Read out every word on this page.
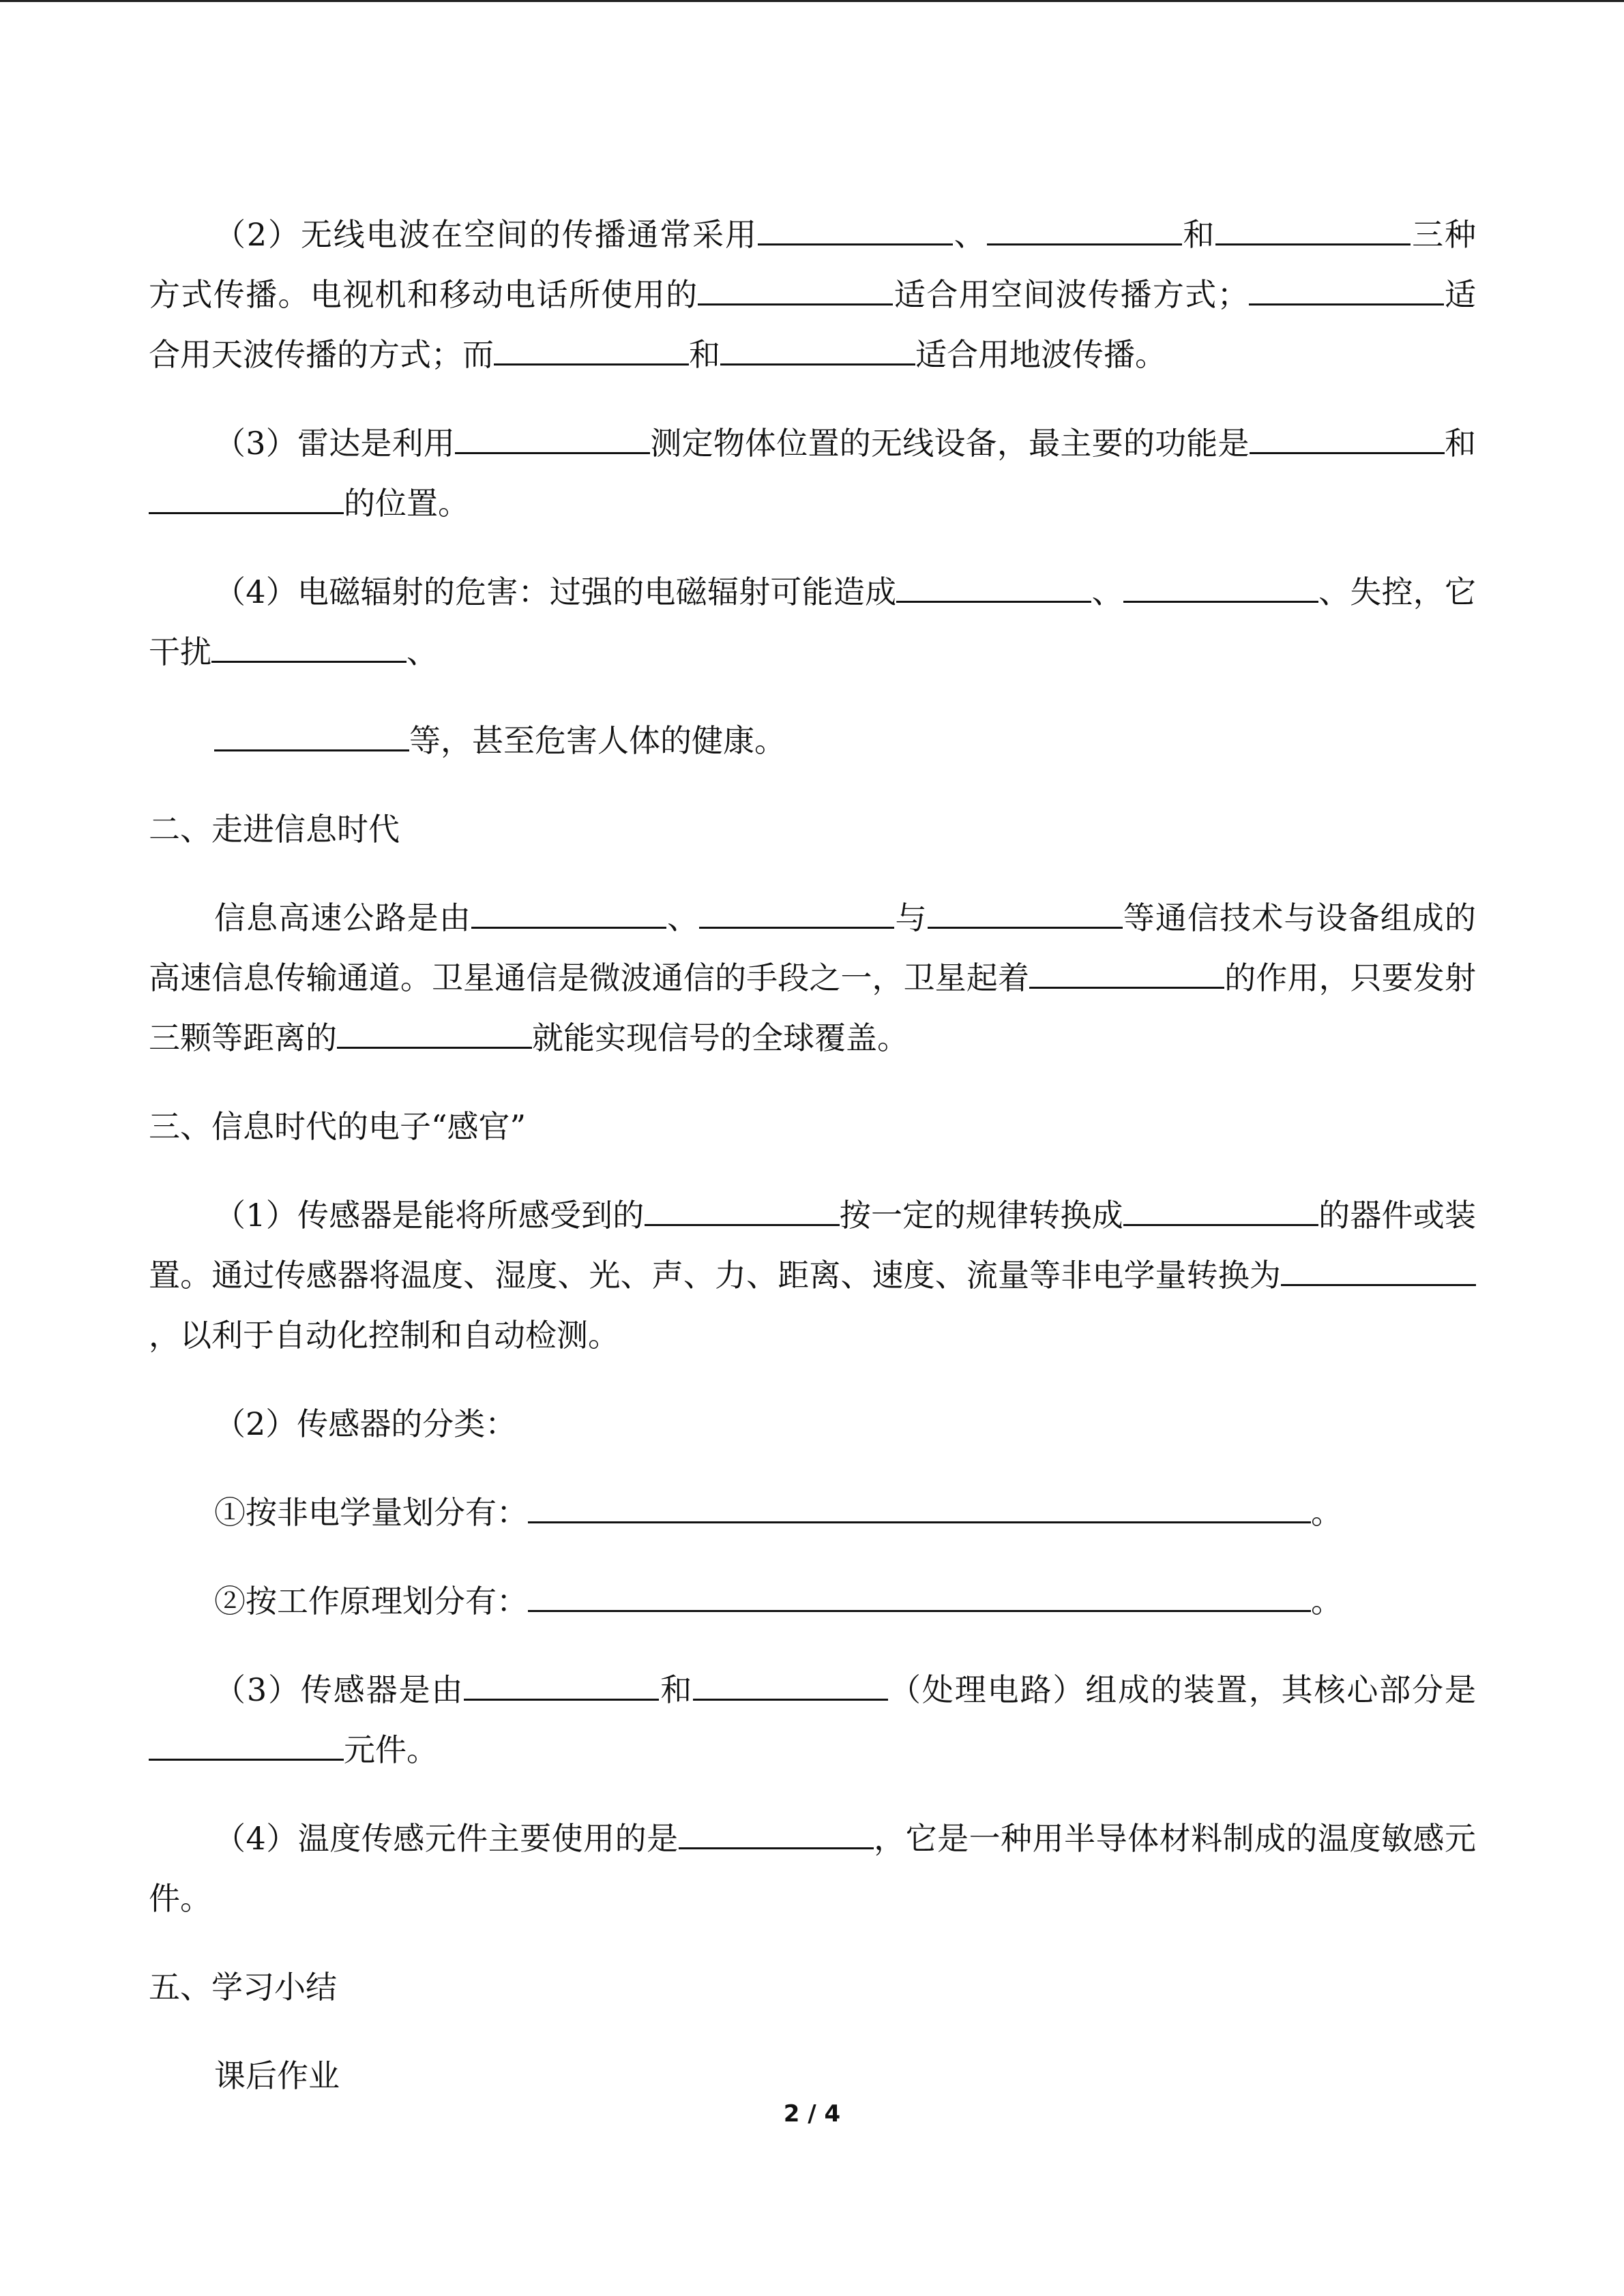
（2）无线电波在空间的传播通常采用	、	和	三种方式传播。电视机和移动电话所使用的	适合用空间波传播方式；	适合用天波传播的方式；而	和	适合用地波传播。

（3）雷达是利用	测定物体位置的无线设备，最主要的功能是	和的位置。

（4）电磁辐射的危害：过强的电磁辐射可能造成	、	、失控，它干扰	、

等，甚至危害人体的健康。

二、走进信息时代

信息高速公路是由	、	与	等通信技术与设备组成的高速信息传输通道。卫星通信是微波通信的手段之一，卫星起着	的作用，只要发射三颗等距离的	就能实现信号的全球覆盖。

三、信息时代的电子“感官”

（1）传感器是能将所感受到的	按一定的规律转换成	的器件或装置。通过传感器将温度、湿度、光、声、力、距离、速度、流量等非电学量转换为，以利于自动化控制和自动检测。

（2）传感器的分类：

①按非电学量划分有：	。

②按工作原理划分有：	。

（3）传感器是由	和	（处理电路）组成的装置，其核心部分是元件。

（4）温度传感元件主要使用的是	，它是一种用半导体材料制成的温度敏感元件。

五、学习小结

课后作业

2 / 4
